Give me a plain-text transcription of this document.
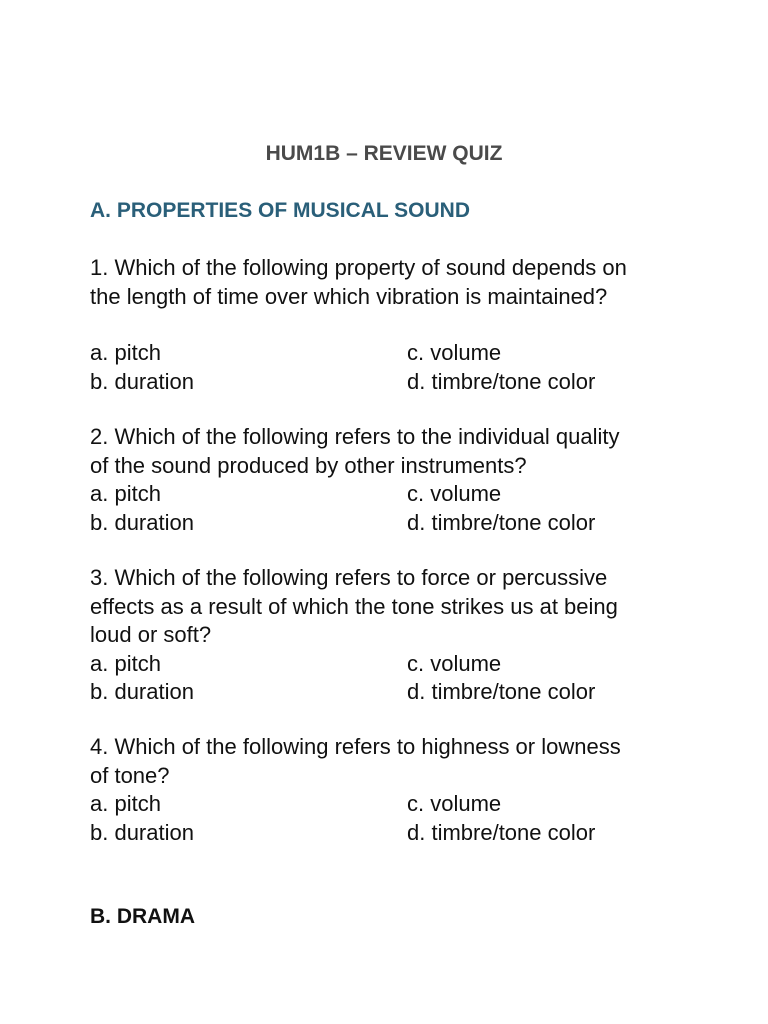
HUM1B – REVIEW QUIZ
A. PROPERTIES OF MUSICAL SOUND
1. Which of the following property of sound depends on
the length of time over which vibration is maintained?
a. pitch	c. volume
b. duration	d. timbre/tone color
2. Which of the following refers to the individual quality
of the sound produced by other instruments?
a. pitch	c. volume
b. duration	d. timbre/tone color
3. Which of the following refers to force or percussive
effects as a result of which the tone strikes us at being
loud or soft?
a. pitch	c. volume
b. duration	d. timbre/tone color
4. Which of the following refers to highness or lowness
of tone?
a. pitch	c. volume
b. duration	d. timbre/tone color
B. DRAMA
